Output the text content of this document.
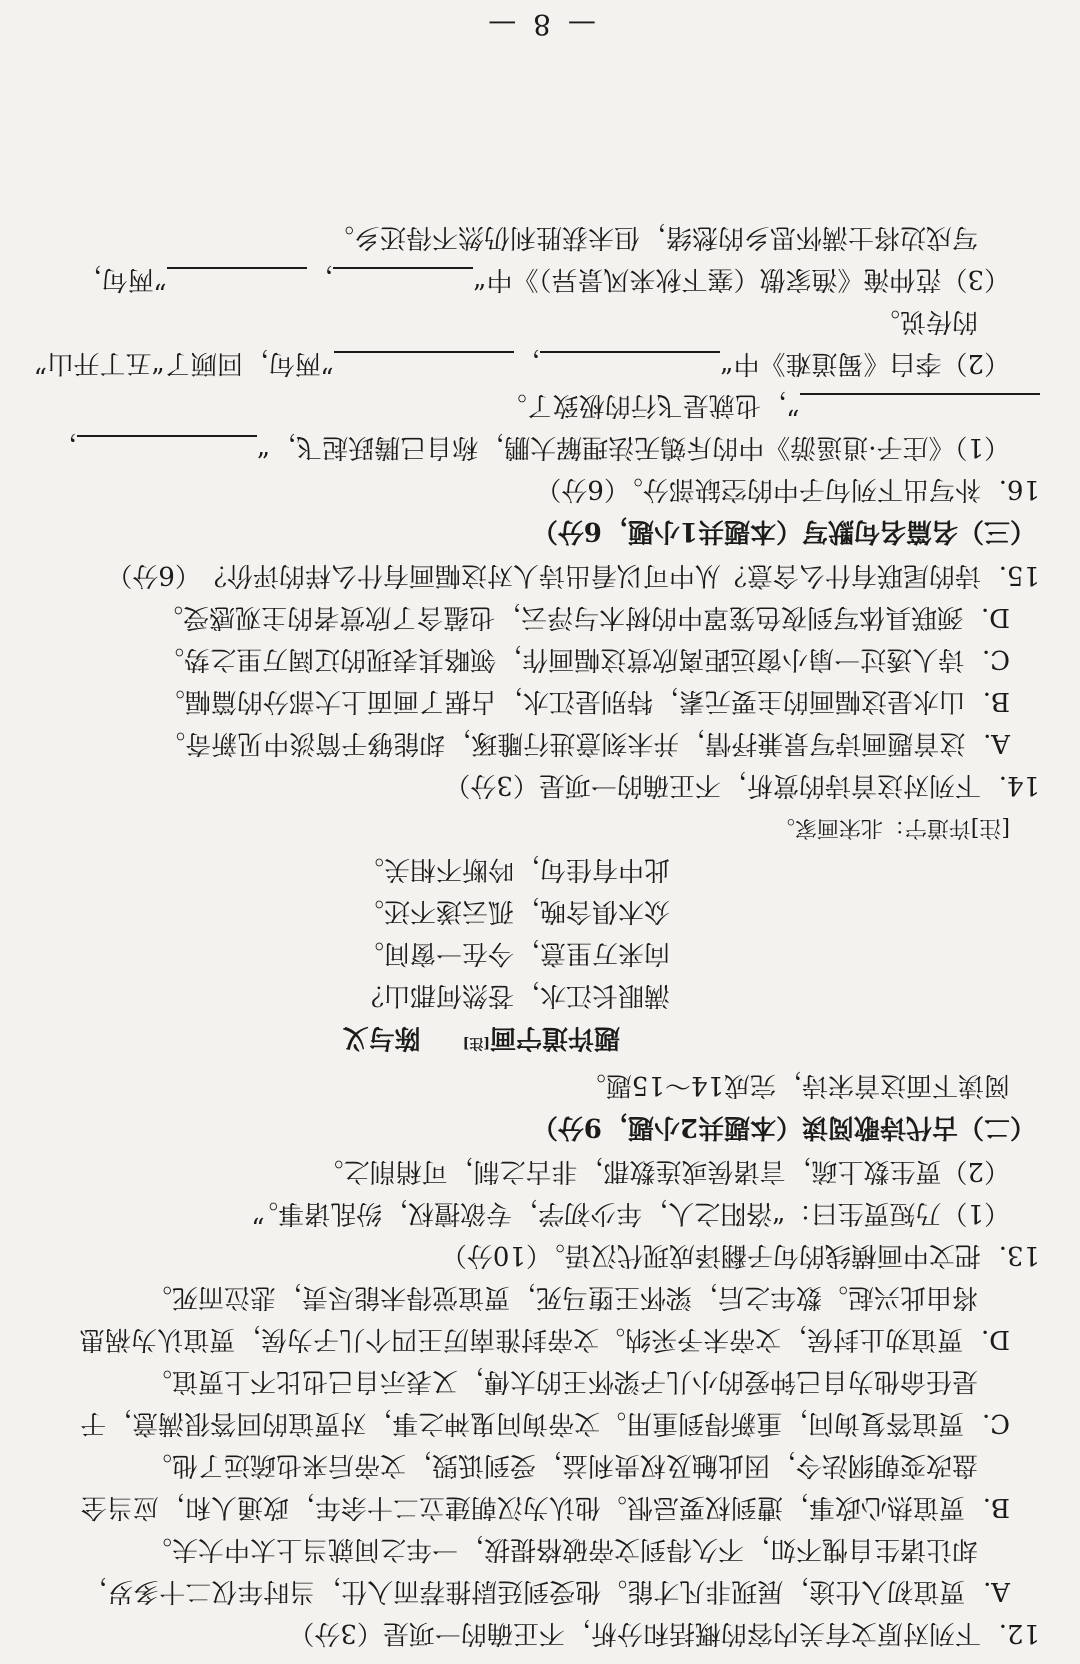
12．下列对原文有关内容的概括和分析，不正确的一项是（3分）
A．贾谊初入仕途，展现非凡才能。他受到廷尉推荐而入仕，当时年仅二十多岁，
却让诸生自愧不如，不久得到文帝破格提拔，一年之间就当上太中大夫。
B．贾谊热心政事，遭到权要忌恨。他认为汉朝建立二十余年，政通人和，应当全
盘改变朝纲法令，因此触及权贵利益，受到诋毁，文帝后来也疏远了他。
C．贾谊答复询问，重新得到重用。文帝询问鬼神之事，对贾谊的回答很满意，于
是任命他为自己钟爱的小儿子梁怀王的太傅，又表示自己也比不上贾谊。
D．贾谊劝止封侯，文帝未予采纳。文帝封淮南厉王四个儿子为侯，贾谊认为祸患
将由此兴起。数年之后，梁怀王堕马死，贾谊觉得未能尽责，悲泣而死。
13．把文中画横线的句子翻译成现代汉语。（10分）
（1）乃短贾生曰：“洛阳之人，年少初学，专欲擅权，纷乱诸事。”
（2）贾生数上疏，言诸侯或连数郡，非古之制，可稍削之。
（二）古代诗歌阅读（本题共2小题，9分）
阅读下面这首宋诗，完成14～15题。
题许道宁画[注]  陈与义
满眼长江水，苍然何郡山？
向来万里意，今在一窗间。
众木俱含晚，孤云遂不还。
此中有佳句，吟断不相关。
[注]许道宁：北宋画家。
14．下列对这首诗的赏析，不正确的一项是（3分）
A．这首题画诗写景兼抒情，并未刻意进行雕琢，却能够于简淡中见新奇。
B．山水是这幅画的主要元素，特别是江水，占据了画面上大部分的篇幅。
C．诗人透过一扇小窗远距离欣赏这幅画作，领略其表现的辽阔万里之势。
D．颈联具体写到夜色笼罩中的树木与浮云，也蕴含了欣赏者的主观感受。
15．诗的尾联有什么含意？从中可以看出诗人对这幅画有什么样的评价？（6分）
（三）名篇名句默写（本题共1小题，6分）
16．补写出下列句子中的空缺部分。（6分）
（1）《庄子·逍遥游》中的斥鴳无法理解大鹏，称自己腾跃起飞，“，
”，也就是飞行的极致了。
（2）李白《蜀道难》中“，”两句，回顾了“五丁开山”
的传说。
（3）范仲淹《渔家傲（塞下秋来风景异）》中“，”两句，
写戍边将士满怀思乡的愁绪，但未获胜利仍然不得还乡。
— 8 —
